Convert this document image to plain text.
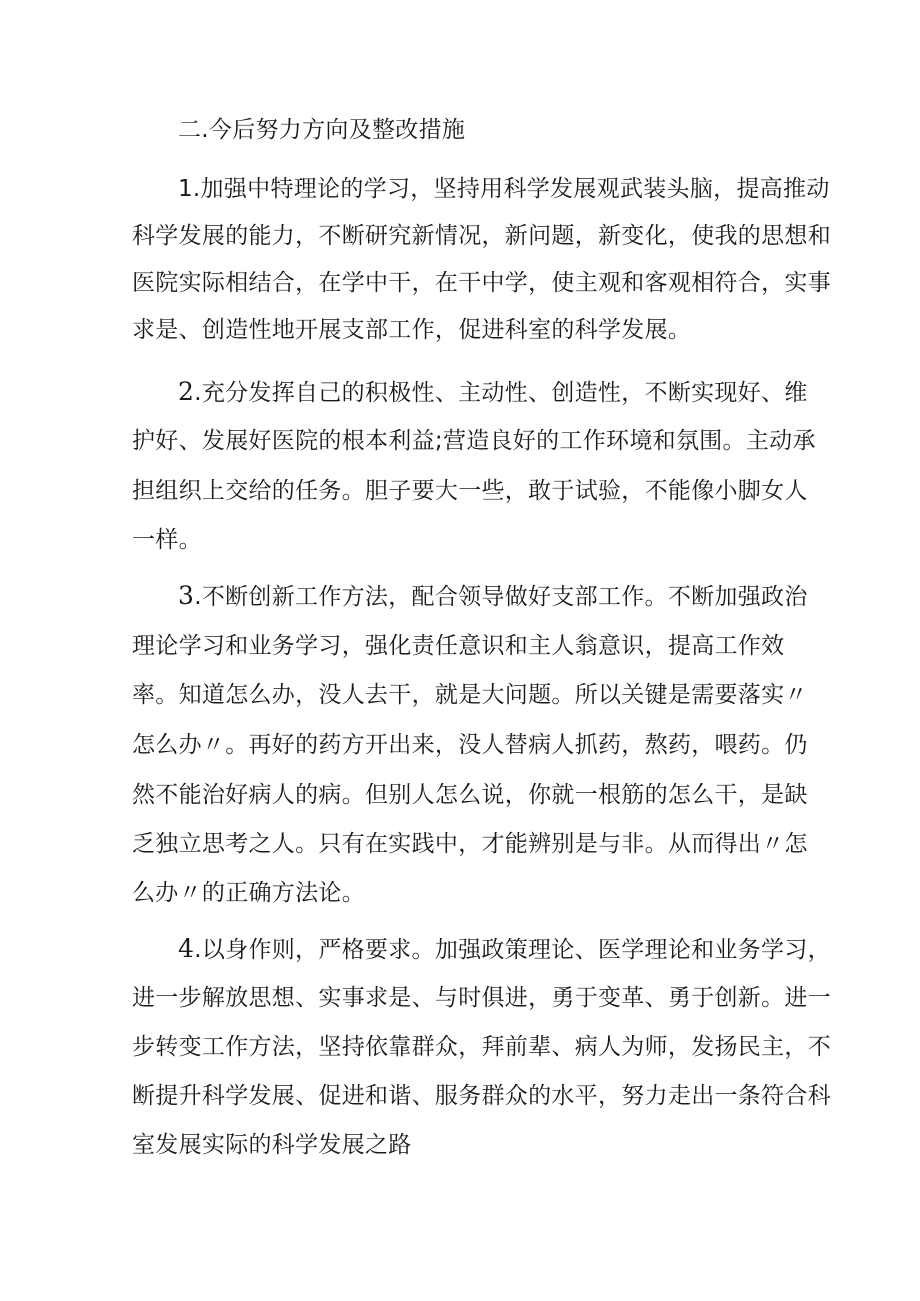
二.今后努力方向及整改措施
1.加强中特理论的学习，坚持用科学发展观武装头脑，提高推动
科学发展的能力，不断研究新情况，新问题，新变化，使我的思想和
医院实际相结合，在学中干，在干中学，使主观和客观相符合，实事
求是、创造性地开展支部工作，促进科室的科学发展。
2.充分发挥自己的积极性、主动性、创造性，不断实现好、维
护好、发展好医院的根本利益;营造良好的工作环境和氛围。主动承
担组织上交给的任务。胆子要大一些，敢于试验，不能像小脚女人
一样。
3.不断创新工作方法，配合领导做好支部工作。不断加强政治
理论学习和业务学习，强化责任意识和主人翁意识，提高工作效
率。知道怎么办，没人去干，就是大问题。所以关键是需要落实〃
怎么办〃。再好的药方开出来，没人替病人抓药，熬药，喂药。仍
然不能治好病人的病。但别人怎么说，你就一根筋的怎么干，是缺
乏独立思考之人。只有在实践中，才能辨别是与非。从而得出〃怎
么办〃的正确方法论。
4.以身作则，严格要求。加强政策理论、医学理论和业务学习，
进一步解放思想、实事求是、与时俱进，勇于变革、勇于创新。进一
步转变工作方法，坚持依靠群众，拜前辈、病人为师，发扬民主，不
断提升科学发展、促进和谐、服务群众的水平，努力走出一条符合科
室发展实际的科学发展之路
